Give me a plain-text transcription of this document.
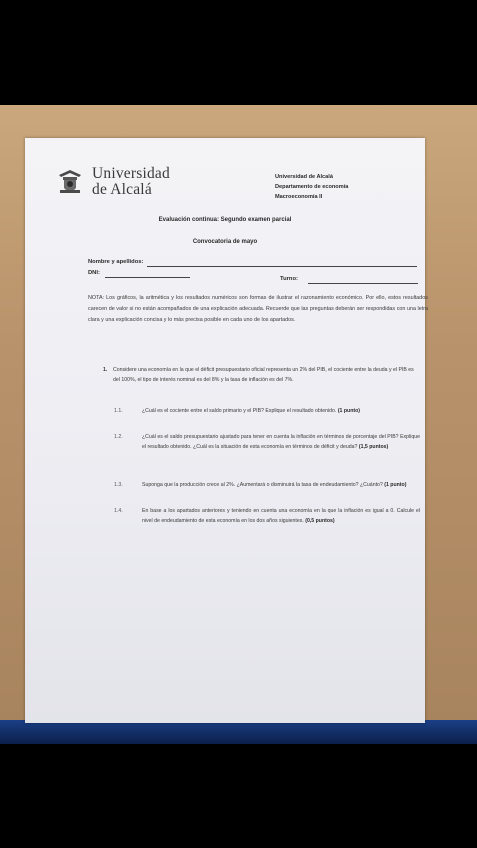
Universidad
de Alcalá
Universidad de Alcalá
Departamento de economía
Macroeconomía II
Evaluación continua: Segundo examen parcial
Convocatoria de mayo
Nombre y apellidos:
DNI:
Turno:
NOTA: Los gráficos, la aritmética y los resultados numéricos son formas de ilustrar el razonamiento económico. Por ello, estos resultados carecen de valor si no están acompañados de una explicación adecuada. Recuerde que las preguntas deberán ser respondidas con una letra clara y una explicación concisa y lo más precisa posible en cada uno de los apartados.
1. Considere una economía en la que el déficit presupuestario oficial representa un 2% del PIB, el cociente entre la deuda y el PIB es del 100%, el tipo de interés nominal es del 8% y la tasa de inflación es del 7%.
1.1.	¿Cuál es el cociente entre el saldo primario y el PIB? Explique el resultado obtenido. (1 punto)
1.2.	¿Cuál es el saldo presupuestario ajustado para tener en cuenta la inflación en términos de porcentaje del PIB? Explique el resultado obtenido. ¿Cuál es la situación de esta economía en términos de déficit y deuda? (1,5 puntos)
1.3.	Suponga que la producción crece al 2%. ¿Aumentará o disminuirá la tasa de endeudamiento? ¿Cuánto? (1 punto)
1.4.	En base a los apartados anteriores y teniendo en cuenta una economía en la que la inflación es igual a 0. Calcule el nivel de endeudamiento de esta economía en los dos años siguientes. (0,5 puntos)
